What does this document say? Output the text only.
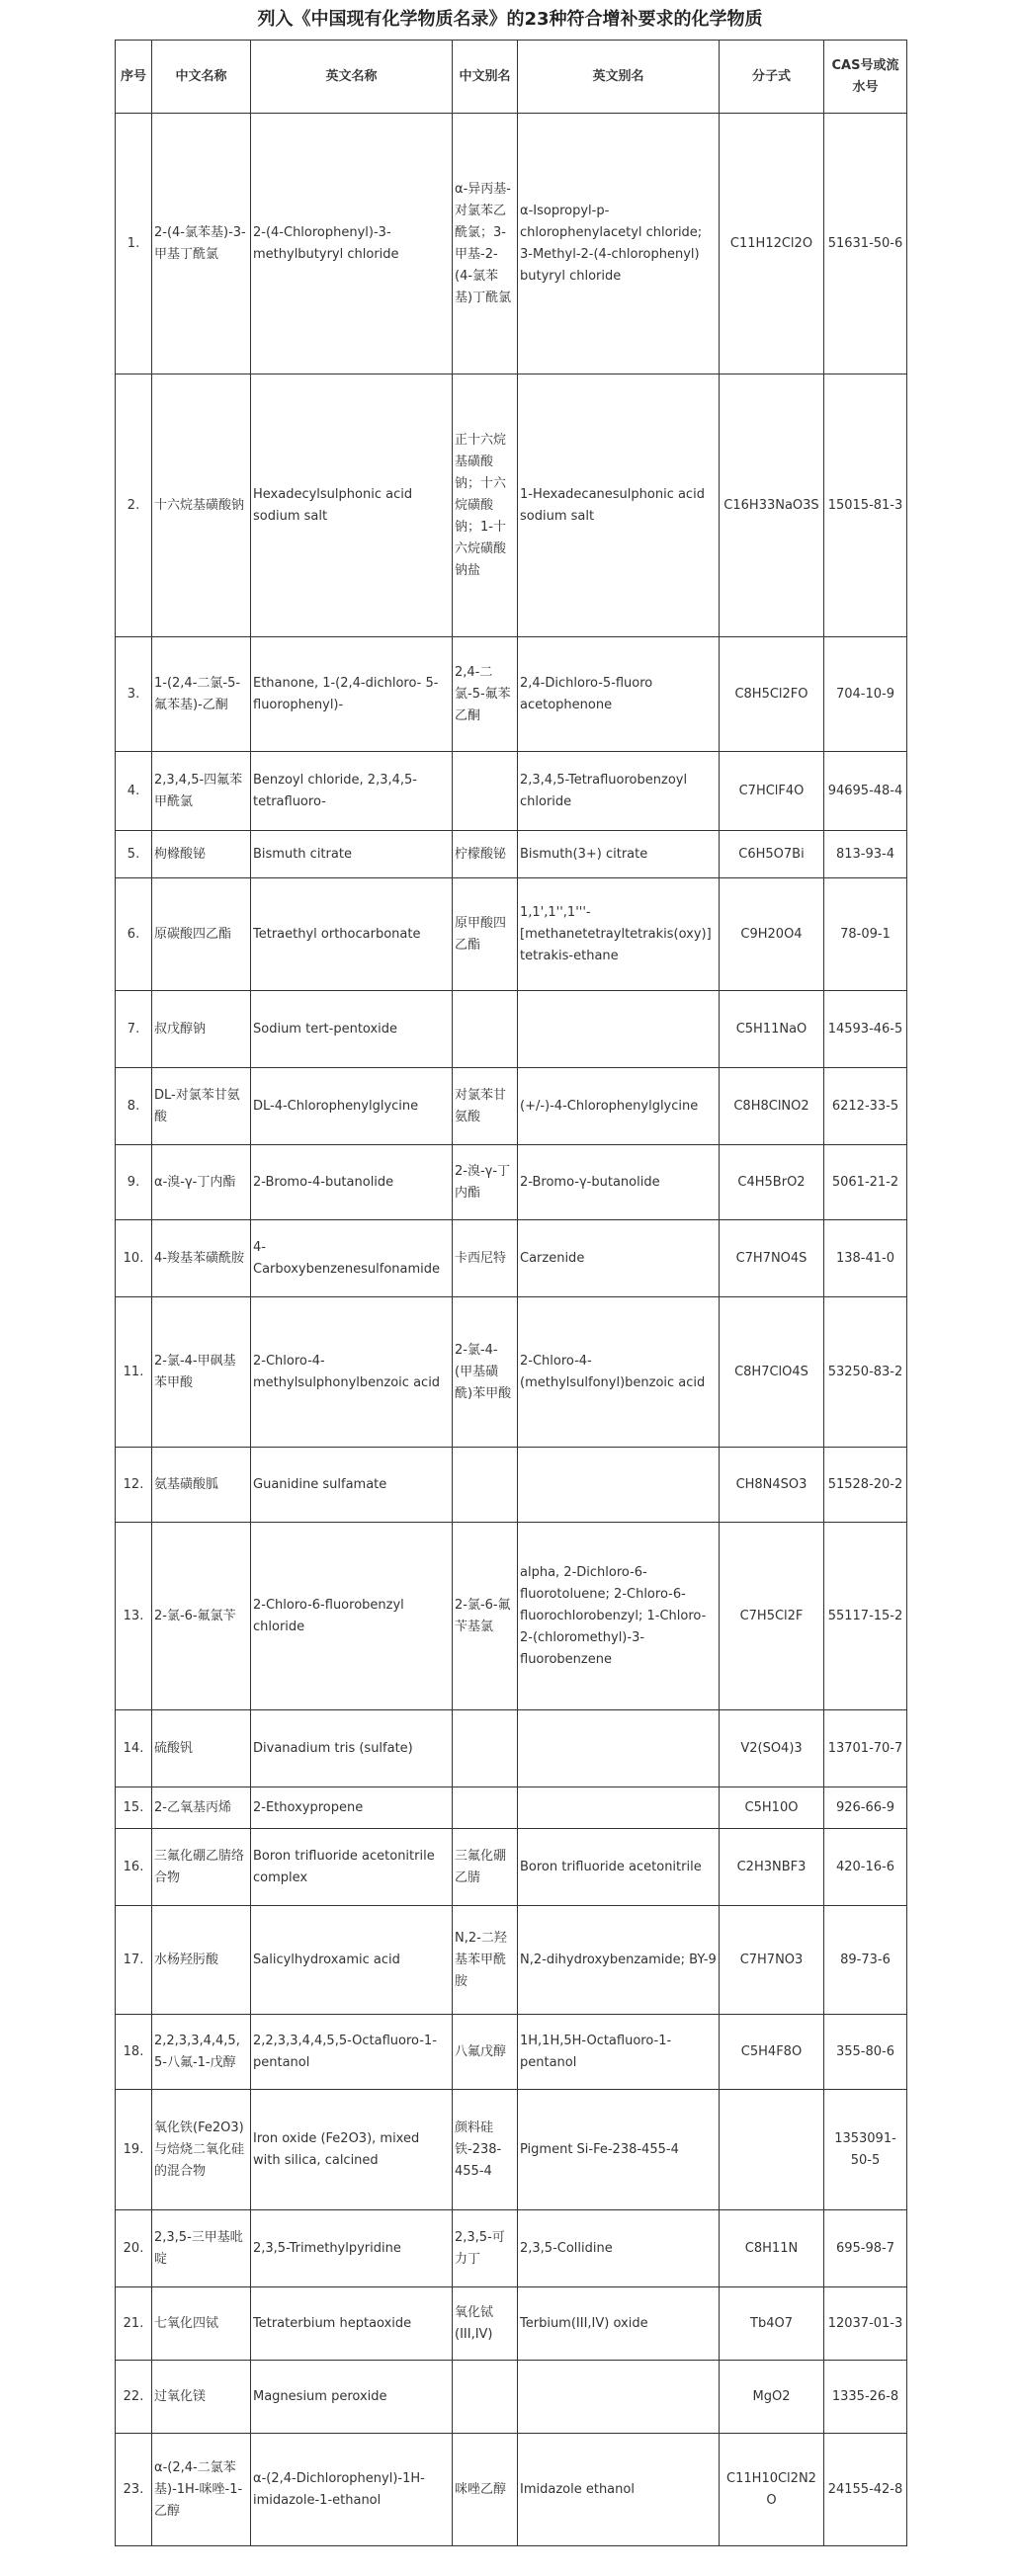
列入《中国现有化学物质名录》的23种符合增补要求的化学物质
序号	中文名称	英文名称	中文别名	英文别名	分子式	CAS号或流水号
1.	2-(4-氯苯基)-3-甲基丁酰氯	2-(4-Chlorophenyl)-3-methylbutyryl chloride	α-异丙基-对氯苯乙酰氯；3-甲基-2-(4-氯苯基)丁酰氯	α-Isopropyl-p-chlorophenylacetyl chloride; 3-Methyl-2-(4-chlorophenyl) butyryl chloride	C11H12Cl2O	51631-50-6
2.	十六烷基磺酸钠	Hexadecylsulphonic acid sodium salt	正十六烷基磺酸钠；十六烷磺酸钠；1-十六烷磺酸钠盐	1-Hexadecanesulphonic acid sodium salt	C16H33NaO3S	15015-81-3
3.	1-(2,4-二氯-5-氟苯基)-乙酮	Ethanone, 1-(2,4-dichloro- 5-fluorophenyl)-	2,4-二氯-5-氟苯乙酮	2,4-Dichloro-5-fluoro acetophenone	C8H5Cl2FO	704-10-9
4.	2,3,4,5-四氟苯甲酰氯	Benzoyl chloride, 2,3,4,5-tetrafluoro-		2,3,4,5-Tetrafluorobenzoyl chloride	C7HClF4O	94695-48-4
5.	枸橼酸铋	Bismuth citrate	柠檬酸铋	Bismuth(3+) citrate	C6H5O7Bi	813-93-4
6.	原碳酸四乙酯	Tetraethyl orthocarbonate	原甲酸四乙酯	1,1',1'',1'''-[methanetetrayltetrakis(oxy)] tetrakis-ethane	C9H20O4	78-09-1
7.	叔戊醇钠	Sodium tert-pentoxide			C5H11NaO	14593-46-5
8.	DL-对氯苯甘氨酸	DL-4-Chlorophenylglycine	对氯苯甘氨酸	(+/-)-4-Chlorophenylglycine	C8H8ClNO2	6212-33-5
9.	α-溴-γ-丁内酯	2-Bromo-4-butanolide	2-溴-γ-丁内酯	2-Bromo-γ-butanolide	C4H5BrO2	5061-21-2
10.	4-羧基苯磺酰胺	4-Carboxybenzenesulfonamide	卡西尼特	Carzenide	C7H7NO4S	138-41-0
11.	2-氯-4-甲砜基苯甲酸	2-Chloro-4-methylsulphonylbenzoic acid	2-氯-4-(甲基磺酰)苯甲酸	2-Chloro-4-(methylsulfonyl)benzoic acid	C8H7ClO4S	53250-83-2
12.	氨基磺酸胍	Guanidine sulfamate			CH8N4SO3	51528-20-2
13.	2-氯-6-氟氯苄	2-Chloro-6-fluorobenzyl chloride	2-氯-6-氟苄基氯	alpha, 2-Dichloro-6-fluorotoluene; 2-Chloro-6-fluorochlorobenzyl; 1-Chloro-2-(chloromethyl)-3-fluorobenzene	C7H5Cl2F	55117-15-2
14.	硫酸钒	Divanadium tris (sulfate)			V2(SO4)3	13701-70-7
15.	2-乙氧基丙烯	2-Ethoxypropene			C5H10O	926-66-9
16.	三氟化硼乙腈络合物	Boron trifluoride acetonitrile complex	三氟化硼乙腈	Boron trifluoride acetonitrile	C2H3NBF3	420-16-6
17.	水杨羟肟酸	Salicylhydroxamic acid	N,2-二羟基苯甲酰胺	N,2-dihydroxybenzamide; BY-9	C7H7NO3	89-73-6
18.	2,2,3,3,4,4,5,5-八氟-1-戊醇	2,2,3,3,4,4,5,5-Octafluoro-1-pentanol	八氟戊醇	1H,1H,5H-Octafluoro-1-pentanol	C5H4F8O	355-80-6
19.	氧化铁(Fe2O3)与焙烧二氧化硅的混合物	Iron oxide (Fe2O3), mixed with silica, calcined	颜料硅铁-238-455-4	Pigment Si-Fe-238-455-4		1353091-50-5
20.	2,3,5-三甲基吡啶	2,3,5-Trimethylpyridine	2,3,5-可力丁	2,3,5-Collidine	C8H11N	695-98-7
21.	七氧化四铽	Tetraterbium heptaoxide	氧化铽(III,IV)	Terbium(III,IV) oxide	Tb4O7	12037-01-3
22.	过氧化镁	Magnesium peroxide			MgO2	1335-26-8
23.	α-(2,4-二氯苯基)-1H-咪唑-1-乙醇	α-(2,4-Dichlorophenyl)-1H-imidazole-1-ethanol	咪唑乙醇	Imidazole ethanol	C11H10Cl2N2O	24155-42-8
